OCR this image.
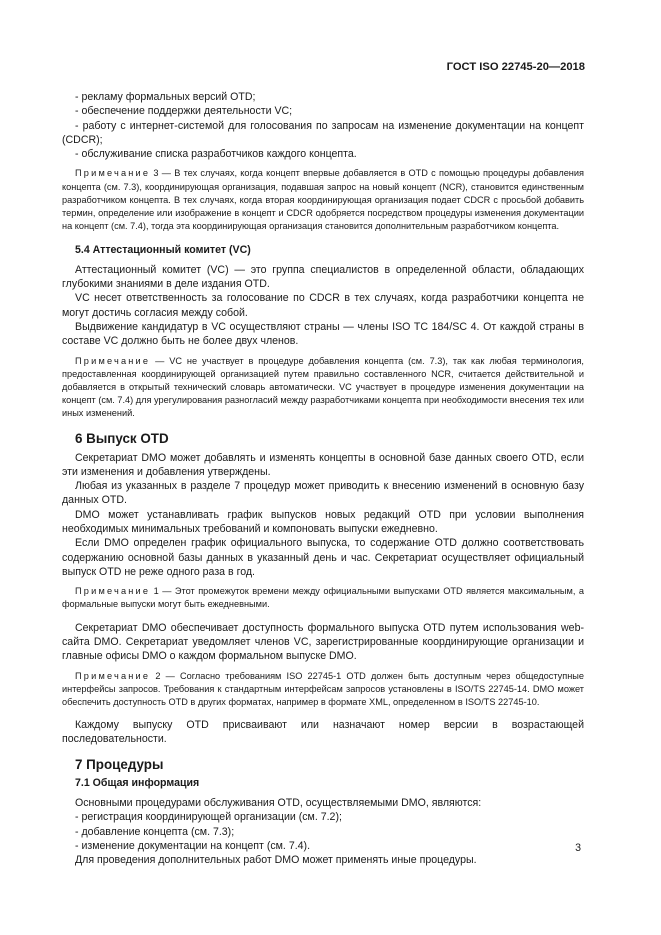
ГОСТ ISO 22745-20—2018

- рекламу формальных версий OTD;

- обеспечение поддержки деятельности VC;

- работу с интернет-системой для голосования по запросам на изменение документации на концепт (CDCR);

- обслуживание списка разработчиков каждого концепта.

Примечание 3 — В тех случаях, когда концепт впервые добавляется в OTD с помощью процедуры добавления концепта (см. 7.3), координирующая организация, подавшая запрос на новый концепт (NCR), становится единственным разработчиком концепта. В тех случаях, когда вторая координирующая организация подает CDCR с просьбой добавить термин, определение или изображение в концепт и CDCR одобряется посредством процедуры изменения документации на концепт (см. 7.4), тогда эта координирующая организация становится дополнительным разработчиком концепта.

5.4 Аттестационный комитет (VC)

Аттестационный комитет (VC) — это группа специалистов в определенной области, обладающих глубокими знаниями в деле издания OTD.

VC несет ответственность за голосование по CDCR в тех случаях, когда разработчики концепта не могут достичь согласия между собой.

Выдвижение кандидатур в VC осуществляют страны — члены ISO TC 184/SC 4. От каждой страны в составе VC должно быть не более двух членов.

Примечание — VC не участвует в процедуре добавления концепта (см. 7.3), так как любая терминология, предоставленная координирующей организацией путем правильно составленного NCR, считается действительной и добавляется в открытый технический словарь автоматически. VC участвует в процедуре изменения документации на концепт (см. 7.4) для урегулирования разногласий между разработчиками концепта при необходимости внесения тех или иных изменений.

6 Выпуск OTD

Секретариат DMO может добавлять и изменять концепты в основной базе данных своего OTD, если эти изменения и добавления утверждены.

Любая из указанных в разделе 7 процедур может приводить к внесению изменений в основную базу данных OTD.

DMO может устанавливать график выпусков новых редакций OTD при условии выполнения необходимых минимальных требований и компоновать выпуски ежедневно.

Если DMO определен график официального выпуска, то содержание OTD должно соответствовать содержанию основной базы данных в указанный день и час. Секретариат осуществляет официальный выпуск OTD не реже одного раза в год.

Примечание 1 — Этот промежуток времени между официальными выпусками OTD является максимальным, а формальные выпуски могут быть ежедневными.

Секретариат DMO обеспечивает доступность формального выпуска OTD путем использования web-сайта DMO. Секретариат уведомляет членов VC, зарегистрированные координирующие организации и главные офисы DMO о каждом формальном выпуске DMO.

Примечание 2 — Согласно требованиям ISO 22745-1 OTD должен быть доступным через общедоступные интерфейсы запросов. Требования к стандартным интерфейсам запросов установлены в ISO/TS 22745-14. DMO может обеспечить доступность OTD в других форматах, например в формате XML, определенном в ISO/TS 22745-10.

Каждому выпуску OTD присваивают или назначают номер версии в возрастающей последовательности.

7 Процедуры

7.1 Общая информация

Основными процедурами обслуживания OTD, осуществляемыми DMO, являются:

- регистрация координирующей организации (см. 7.2);

- добавление концепта (см. 7.3);

- изменение документации на концепт (см. 7.4).

Для проведения дополнительных работ DMO может применять иные процедуры.

3
